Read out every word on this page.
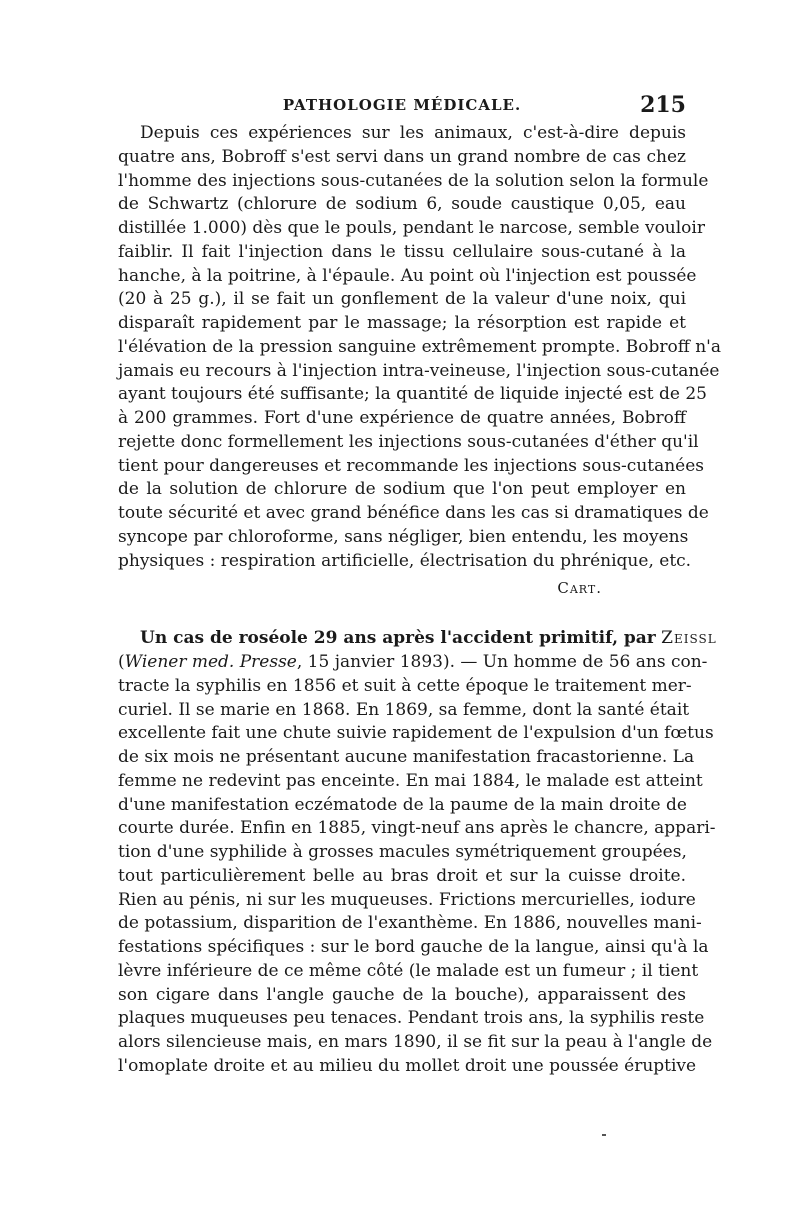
PATHOLOGIE MÉDICALE.	215
Depuis ces expériences sur les animaux, c'est-à-dire depuis
quatre ans, Bobroff s'est servi dans un grand nombre de cas chez
l'homme des injections sous-cutanées de la solution selon la formule
de Schwartz (chlorure de sodium 6, soude caustique 0,05, eau
distillée 1.000) dès que le pouls, pendant le narcose, semble vouloir
faiblir. Il fait l'injection dans le tissu cellulaire sous-cutané à la
hanche, à la poitrine, à l'épaule. Au point où l'injection est poussée
(20 à 25 g.), il se fait un gonflement de la valeur d'une noix, qui
disparaît rapidement par le massage; la résorption est rapide et
l'élévation de la pression sanguine extrêmement prompte. Bobroff n'a
jamais eu recours à l'injection intra-veineuse, l'injection sous-cutanée
ayant toujours été suffisante; la quantité de liquide injecté est de 25
à 200 grammes. Fort d'une expérience de quatre années, Bobroff
rejette donc formellement les injections sous-cutanées d'éther qu'il
tient pour dangereuses et recommande les injections sous-cutanées
de la solution de chlorure de sodium que l'on peut employer en
toute sécurité et avec grand bénéfice dans les cas si dramatiques de
syncope par chloroforme, sans négliger, bien entendu, les moyens
physiques : respiration artificielle, électrisation du phrénique, etc.
Cart.
Un cas de roséole 29 ans après l'accident primitif, par Zeissl
(Wiener med. Presse, 15 janvier 1893). — Un homme de 56 ans con-
tracte la syphilis en 1856 et suit à cette époque le traitement mer-
curiel. Il se marie en 1868. En 1869, sa femme, dont la santé était
excellente fait une chute suivie rapidement de l'expulsion d'un fœtus
de six mois ne présentant aucune manifestation fracastorienne. La
femme ne redevint pas enceinte. En mai 1884, le malade est atteint
d'une manifestation eczématode de la paume de la main droite de
courte durée. Enfin en 1885, vingt-neuf ans après le chancre, appari-
tion d'une syphilide à grosses macules symétriquement groupées,
tout particulièrement belle au bras droit et sur la cuisse droite.
Rien au pénis, ni sur les muqueuses. Frictions mercurielles, iodure
de potassium, disparition de l'exanthème. En 1886, nouvelles mani-
festations spécifiques : sur le bord gauche de la langue, ainsi qu'à la
lèvre inférieure de ce même côté (le malade est un fumeur ; il tient
son cigare dans l'angle gauche de la bouche), apparaissent des
plaques muqueuses peu tenaces. Pendant trois ans, la syphilis reste
alors silencieuse mais, en mars 1890, il se fit sur la peau à l'angle de
l'omoplate droite et au milieu du mollet droit une poussée éruptive
